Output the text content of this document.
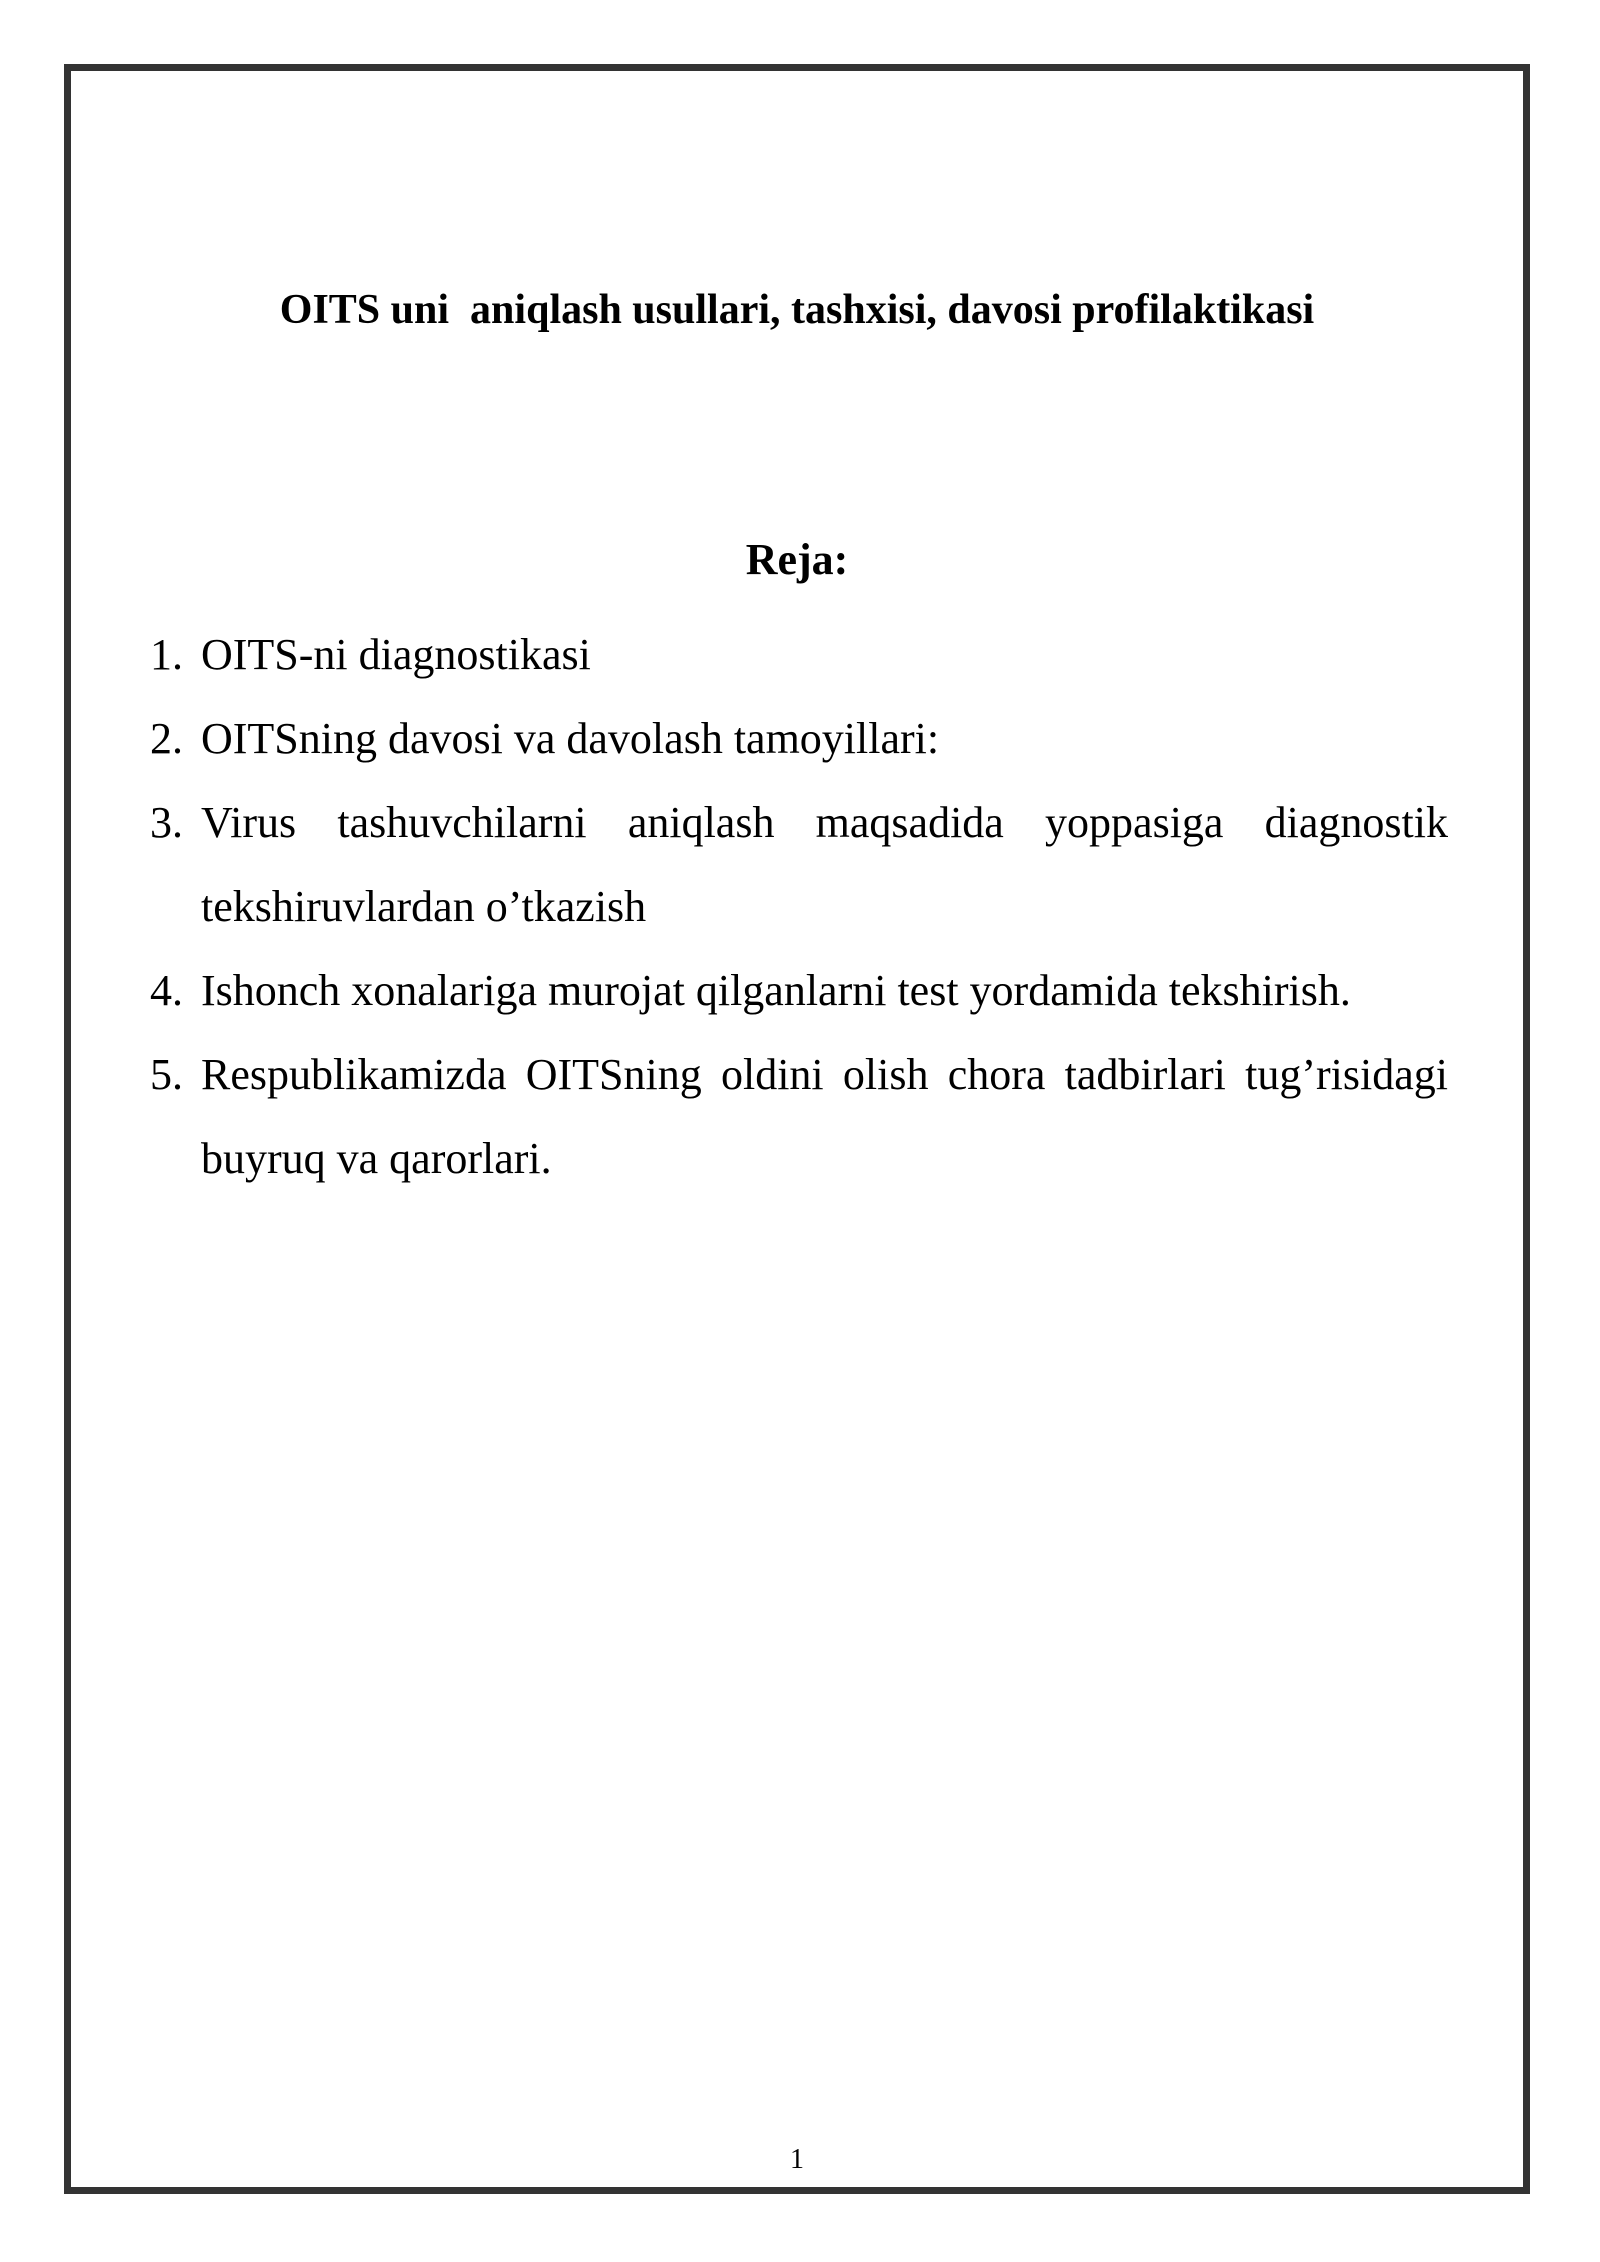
OITS uni  aniqlash usullari, tashxisi, davosi profilaktikasi
Reja:
1. OITS-ni diagnostikasi
2. OITSning davosi va davolash tamoyillari:
3. Virus tashuvchilarni aniqlash maqsadida yoppasiga diagnostik tekshiruvlardan o’tkazish
4. Ishonch xonalariga murojat qilganlarni test yordamida tekshirish.
5. Respublikamizda OITSning oldini olish chora tadbirlari tug’risidagi buyruq va qarorlari.
1
